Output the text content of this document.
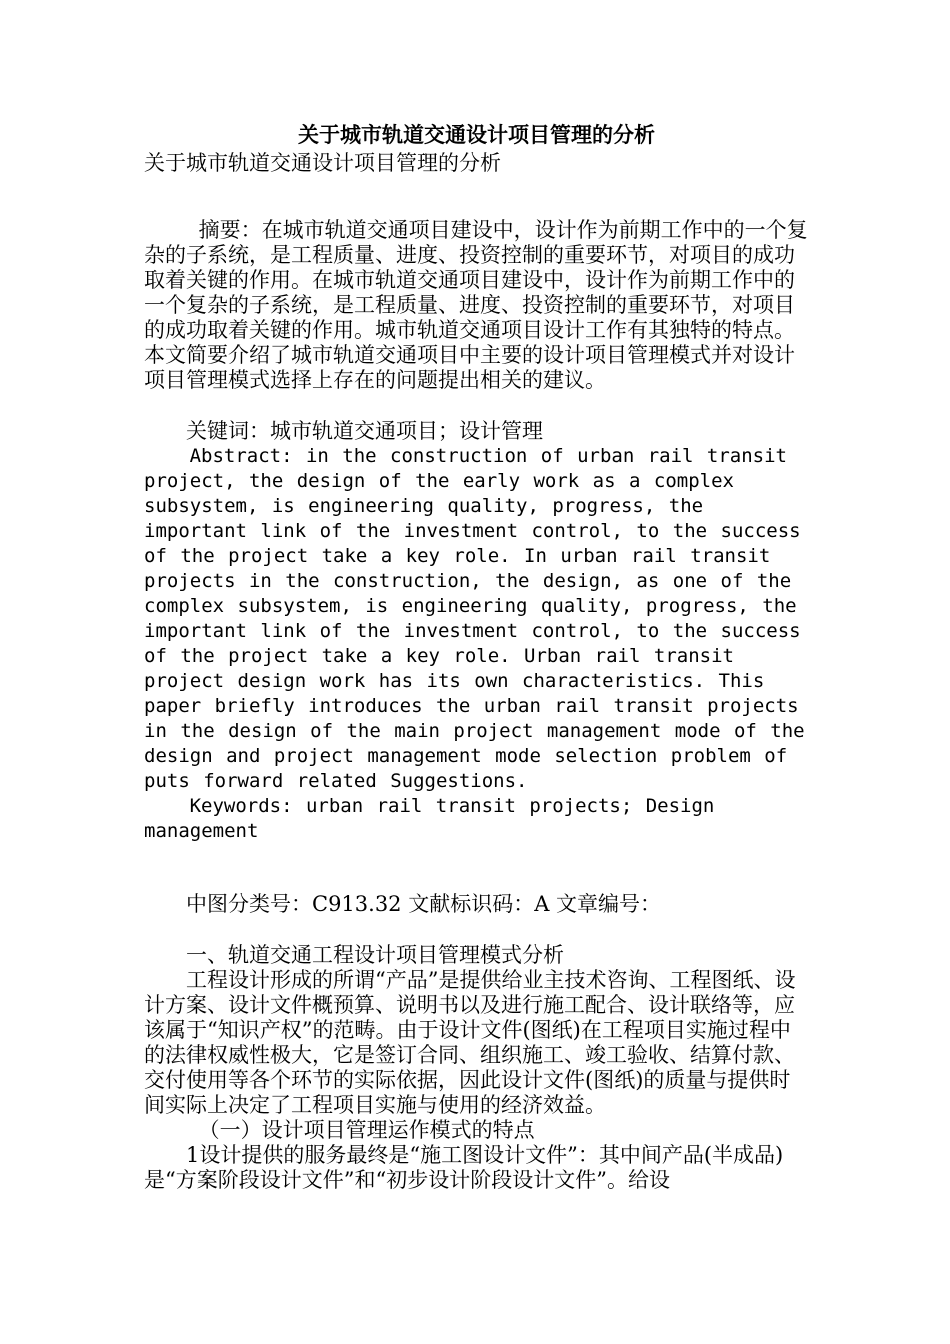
关于城市轨道交通设计项目管理的分析

关于城市轨道交通设计项目管理的分析

摘要：在城市轨道交通项目建设中，设计作为前期工作中的一个复杂的子系统，是工程质量、进度、投资控制的重要环节，对项目的成功取着关键的作用。在城市轨道交通项目建设中，设计作为前期工作中的一个复杂的子系统，是工程质量、进度、投资控制的重要环节，对项目的成功取着关键的作用。城市轨道交通项目设计工作有其独特的特点。本文简要介绍了城市轨道交通项目中主要的设计项目管理模式并对设计项目管理模式选择上存在的问题提出相关的建议。

关键词：城市轨道交通项目；设计管理

Abstract: in the construction of urban rail transit project, the design of the early work as a complex subsystem, is engineering quality, progress, the important link of the investment control, to the success of the project take a key role. In urban rail transit projects in the construction, the design, as one of the complex subsystem, is engineering quality, progress, the important link of the investment control, to the success of the project take a key role. Urban rail transit project design work has its own characteristics. This paper briefly introduces the urban rail transit projects in the design of the main project management mode of the design and project management mode selection problem of puts forward related Suggestions.

Keywords: urban rail transit projects; Design management

中图分类号：C913.32 文献标识码：A 文章编号：

一、轨道交通工程设计项目管理模式分析

工程设计形成的所谓“产品”是提供给业主技术咨询、工程图纸、设计方案、设计文件概预算、说明书以及进行施工配合、设计联络等，应该属于“知识产权”的范畴。由于设计文件(图纸)在工程项目实施过程中的法律权威性极大，它是签订合同、组织施工、竣工验收、结算付款、交付使用等各个环节的实际依据，因此设计文件(图纸)的质量与提供时间实际上决定了工程项目实施与使用的经济效益。

（一）设计项目管理运作模式的特点

1设计提供的服务最终是“施工图设计文件”：其中间产品(半成品)是“方案阶段设计文件”和“初步设计阶段设计文件”。给设
